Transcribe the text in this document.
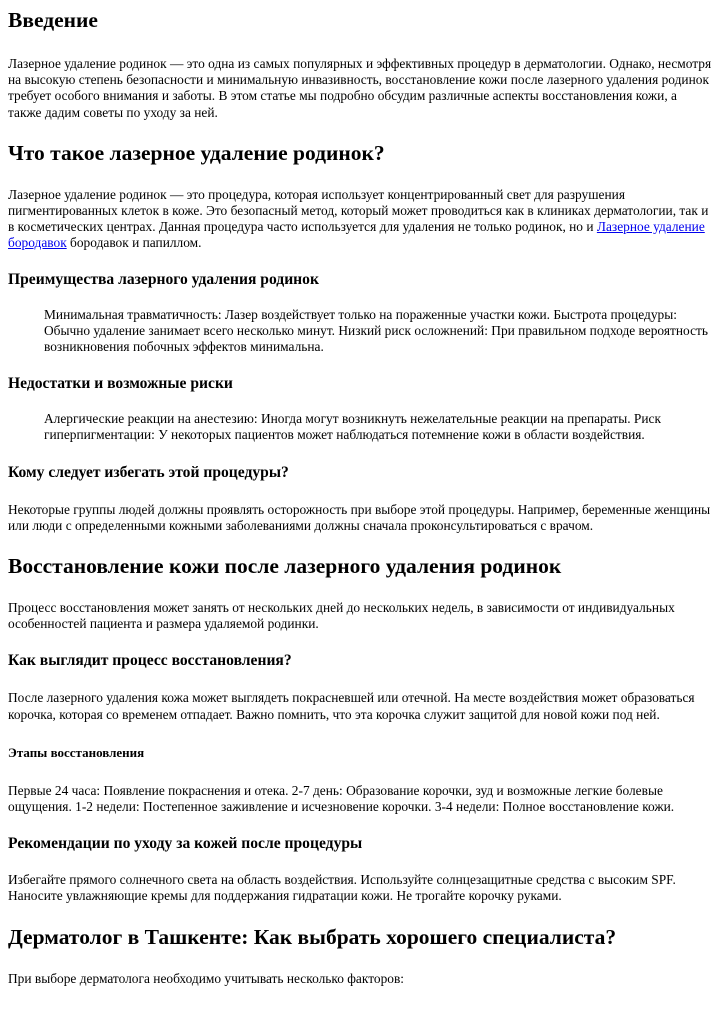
Введение

Лазерное удаление родинок — это одна из самых популярных и эффективных процедур в дерматологии. Однако, несмотря на высокую степень безопасности и минимальную инвазивность, восстановление кожи после лазерного удаления родинок требует особого внимания и заботы. В этом статье мы подробно обсудим различные аспекты восстановления кожи, а также дадим советы по уходу за ней.

Что такое лазерное удаление родинок?

Лазерное удаление родинок — это процедура, которая использует концентрированный свет для разрушения пигментированных клеток в коже. Это безопасный метод, который может проводиться как в клиниках дерматологии, так и в косметических центрах. Данная процедура часто используется для удаления не только родинок, но и Лазерное удаление бородавок бородавок и папиллом.

Преимущества лазерного удаления родинок
Минимальная травматичность: Лазер воздействует только на пораженные участки кожи. Быстрота процедуры: Обычно удаление занимает всего несколько минут. Низкий риск осложнений: При правильном подходе вероятность возникновения побочных эффектов минимальна.
Недостатки и возможные риски
Алергические реакции на анестезию: Иногда могут возникнуть нежелательные реакции на препараты. Риск гиперпигментации: У некоторых пациентов может наблюдаться потемнение кожи в области воздействия.
Кому следует избегать этой процедуры?

Некоторые группы людей должны проявлять осторожность при выборе этой процедуры. Например, беременные женщины или люди с определенными кожными заболеваниями должны сначала проконсультироваться с врачом.

Восстановление кожи после лазерного удаления родинок

Процесс восстановления может занять от нескольких дней до нескольких недель, в зависимости от индивидуальных особенностей пациента и размера удаляемой родинки.

Как выглядит процесс восстановления?

После лазерного удаления кожа может выглядеть покрасневшей или отечной. На месте воздействия может образоваться корочка, которая со временем отпадает. Важно помнить, что эта корочка служит защитой для новой кожи под ней.

Этапы восстановления

Первые 24 часа: Появление покраснения и отека. 2-7 день: Образование корочки, зуд и возможные легкие болевые ощущения. 1-2 недели: Постепенное заживление и исчезновение корочки. 3-4 недели: Полное восстановление кожи.

Рекомендации по уходу за кожей после процедуры

Избегайте прямого солнечного света на область воздействия. Используйте солнцезащитные средства с высоким SPF. Наносите увлажняющие кремы для поддержания гидратации кожи. Не трогайте корочку руками.

Дерматолог в Ташкенте: Как выбрать хорошего специалиста?

При выборе дерматолога необходимо учитывать несколько факторов:
